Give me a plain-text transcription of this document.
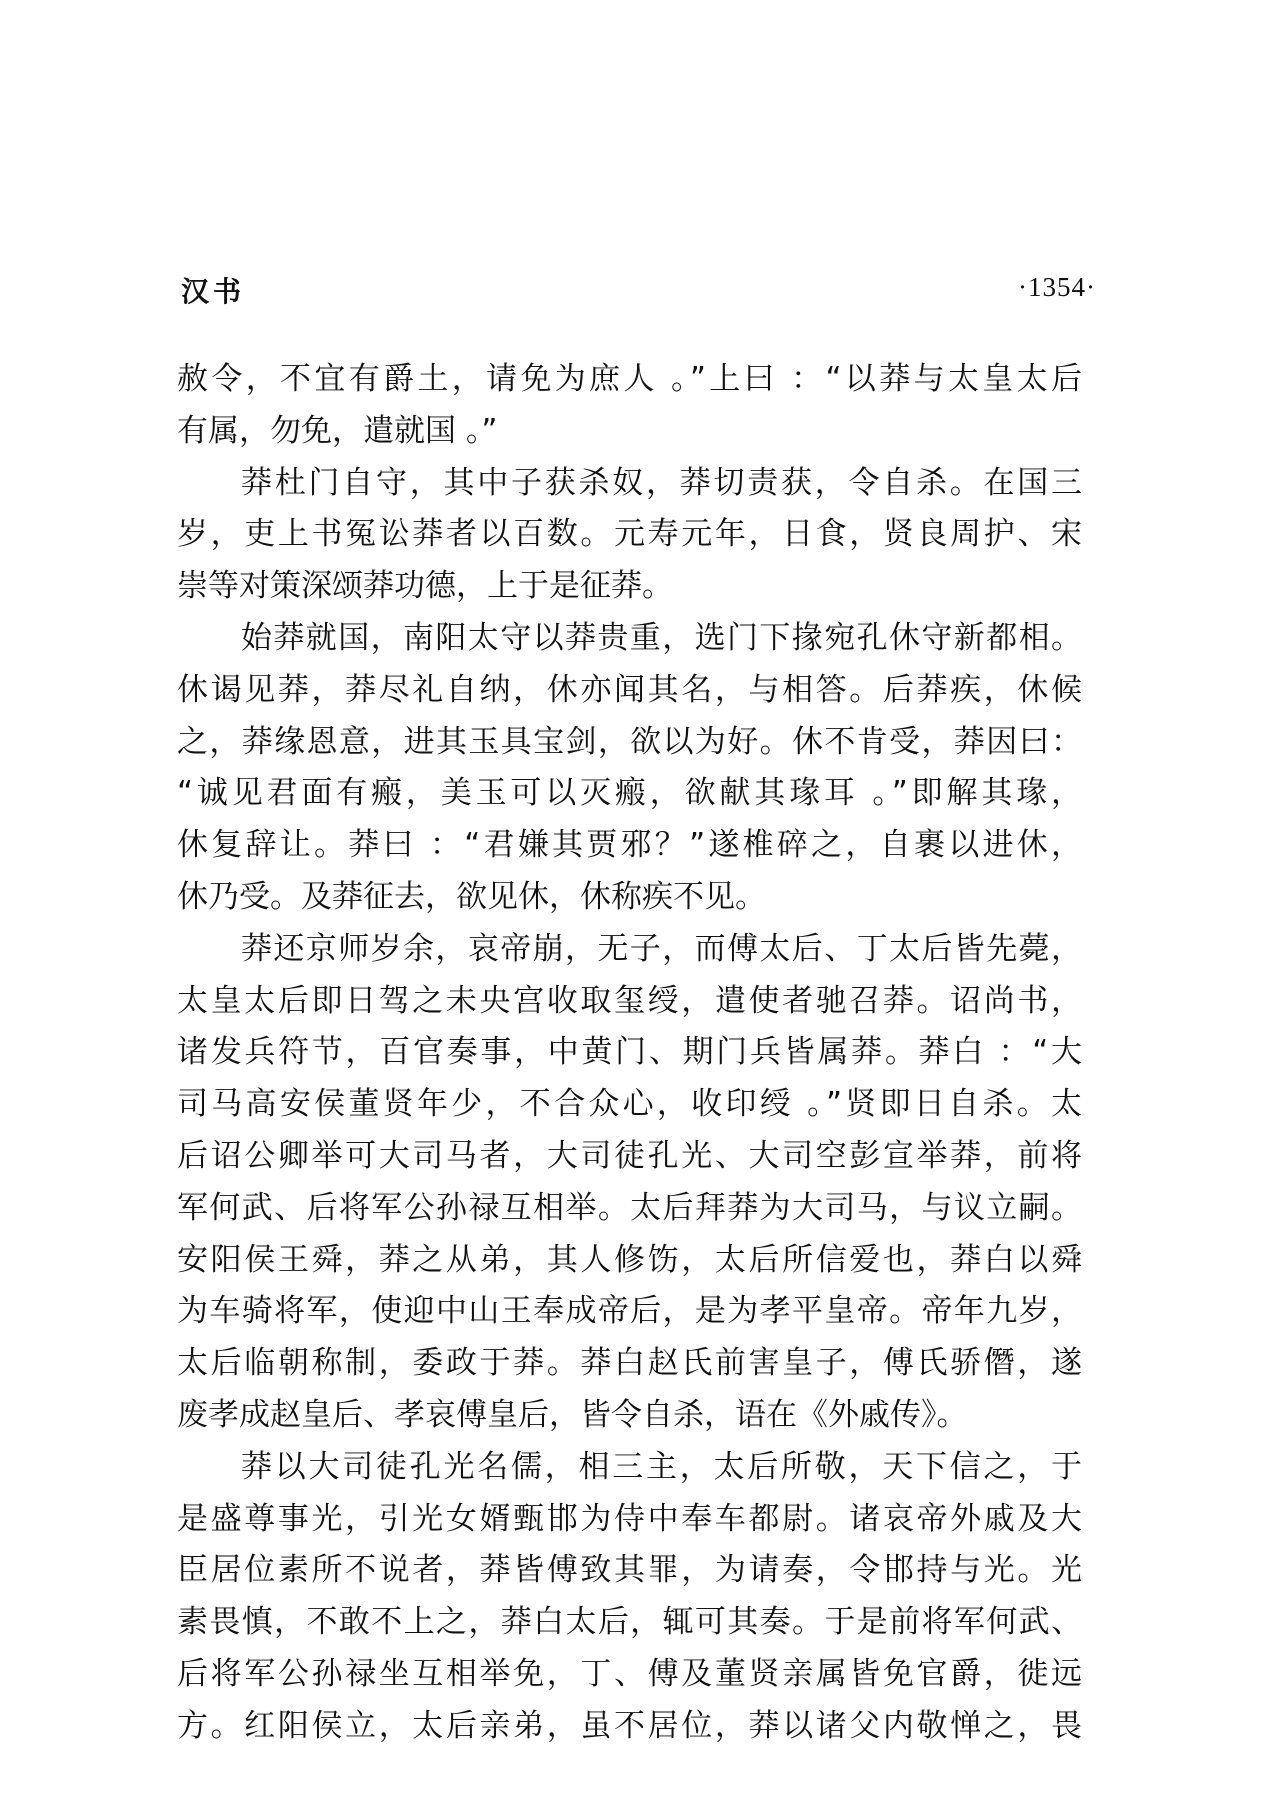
汉书	·1354·
赦令，不宜有爵土，请免为庶人 。”上曰 ：“以莽与太皇太后
有属，勿免，遣就国 。”
莽杜门自守，其中子获杀奴，莽切责获，令自杀。在国三
岁，吏上书冤讼莽者以百数。元寿元年，日食，贤良周护、宋
崇等对策深颂莽功德，上于是征莽。
始莽就国，南阳太守以莽贵重，选门下掾宛孔休守新都相。
休谒见莽，莽尽礼自纳，休亦闻其名，与相答。后莽疾，休候
之，莽缘恩意，进其玉具宝剑，欲以为好。休不肯受，莽因曰：
“诚见君面有瘢，美玉可以灭瘢，欲献其瑑耳 。”即解其瑑，
休复辞让。莽曰 ：“君嫌其贾邪？”遂椎碎之，自裹以进休，
休乃受。及莽征去，欲见休，休称疾不见。
莽还京师岁余，哀帝崩，无子，而傅太后、丁太后皆先薨，
太皇太后即日驾之未央宫收取玺绶，遣使者驰召莽。诏尚书，
诸发兵符节，百官奏事，中黄门、期门兵皆属莽。莽白 ：“大
司马高安侯董贤年少，不合众心，收印绶 。”贤即日自杀。太
后诏公卿举可大司马者，大司徒孔光、大司空彭宣举莽，前将
军何武、后将军公孙禄互相举。太后拜莽为大司马，与议立嗣。
安阳侯王舜，莽之从弟，其人修饬，太后所信爱也，莽白以舜
为车骑将军，使迎中山王奉成帝后，是为孝平皇帝。帝年九岁，
太后临朝称制，委政于莽。莽白赵氏前害皇子，傅氏骄僭，遂
废孝成赵皇后、孝哀傅皇后，皆令自杀，语在《外戚传》。
莽以大司徒孔光名儒，相三主，太后所敬，天下信之，于
是盛尊事光，引光女婿甄邯为侍中奉车都尉。诸哀帝外戚及大
臣居位素所不说者，莽皆傅致其罪，为请奏，令邯持与光。光
素畏慎，不敢不上之，莽白太后，辄可其奏。于是前将军何武、
后将军公孙禄坐互相举免，丁、傅及董贤亲属皆免官爵，徙远
方。红阳侯立，太后亲弟，虽不居位，莽以诸父内敬惮之，畏
